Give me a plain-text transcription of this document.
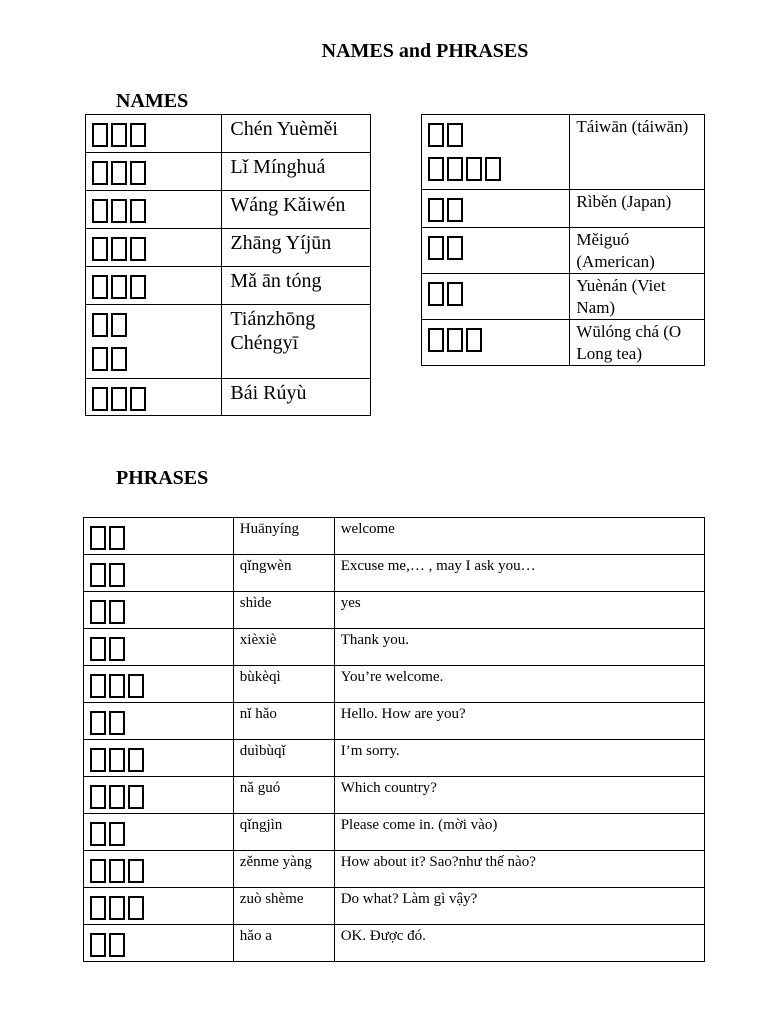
NAMES and PHRASES
NAMES
PHRASES
	Chén Yuèměi
	Lǐ Mínghuá
	Wáng Kǎiwén
	Zhāng Yíjūn
	Mǎ ān tóng

	Tiánzhōng Chéngyī
	Bái Rúyù

	Táiwān (táiwān)
	Rìběn (Japan)
	Měiguó (American)
	Yuènán (Viet Nam)
	Wūlóng chá (O Long tea)
	Huānyíng	welcome
	qǐngwèn	Excuse me,… , may I ask you…
	shìde	yes
	xièxiè	Thank you.
	bùkèqì	You’re welcome.
	nǐ hǎo	Hello. How are you?
	duìbùqǐ	I’m sorry.
	nǎ guó	Which country?
	qǐngjìn	Please come in. (mời vào)
	zěnme yàng	How about it? Sao?như thế nào?
	zuò shème	Do what? Làm gì vậy?
	hǎo a	OK. Được đó.
